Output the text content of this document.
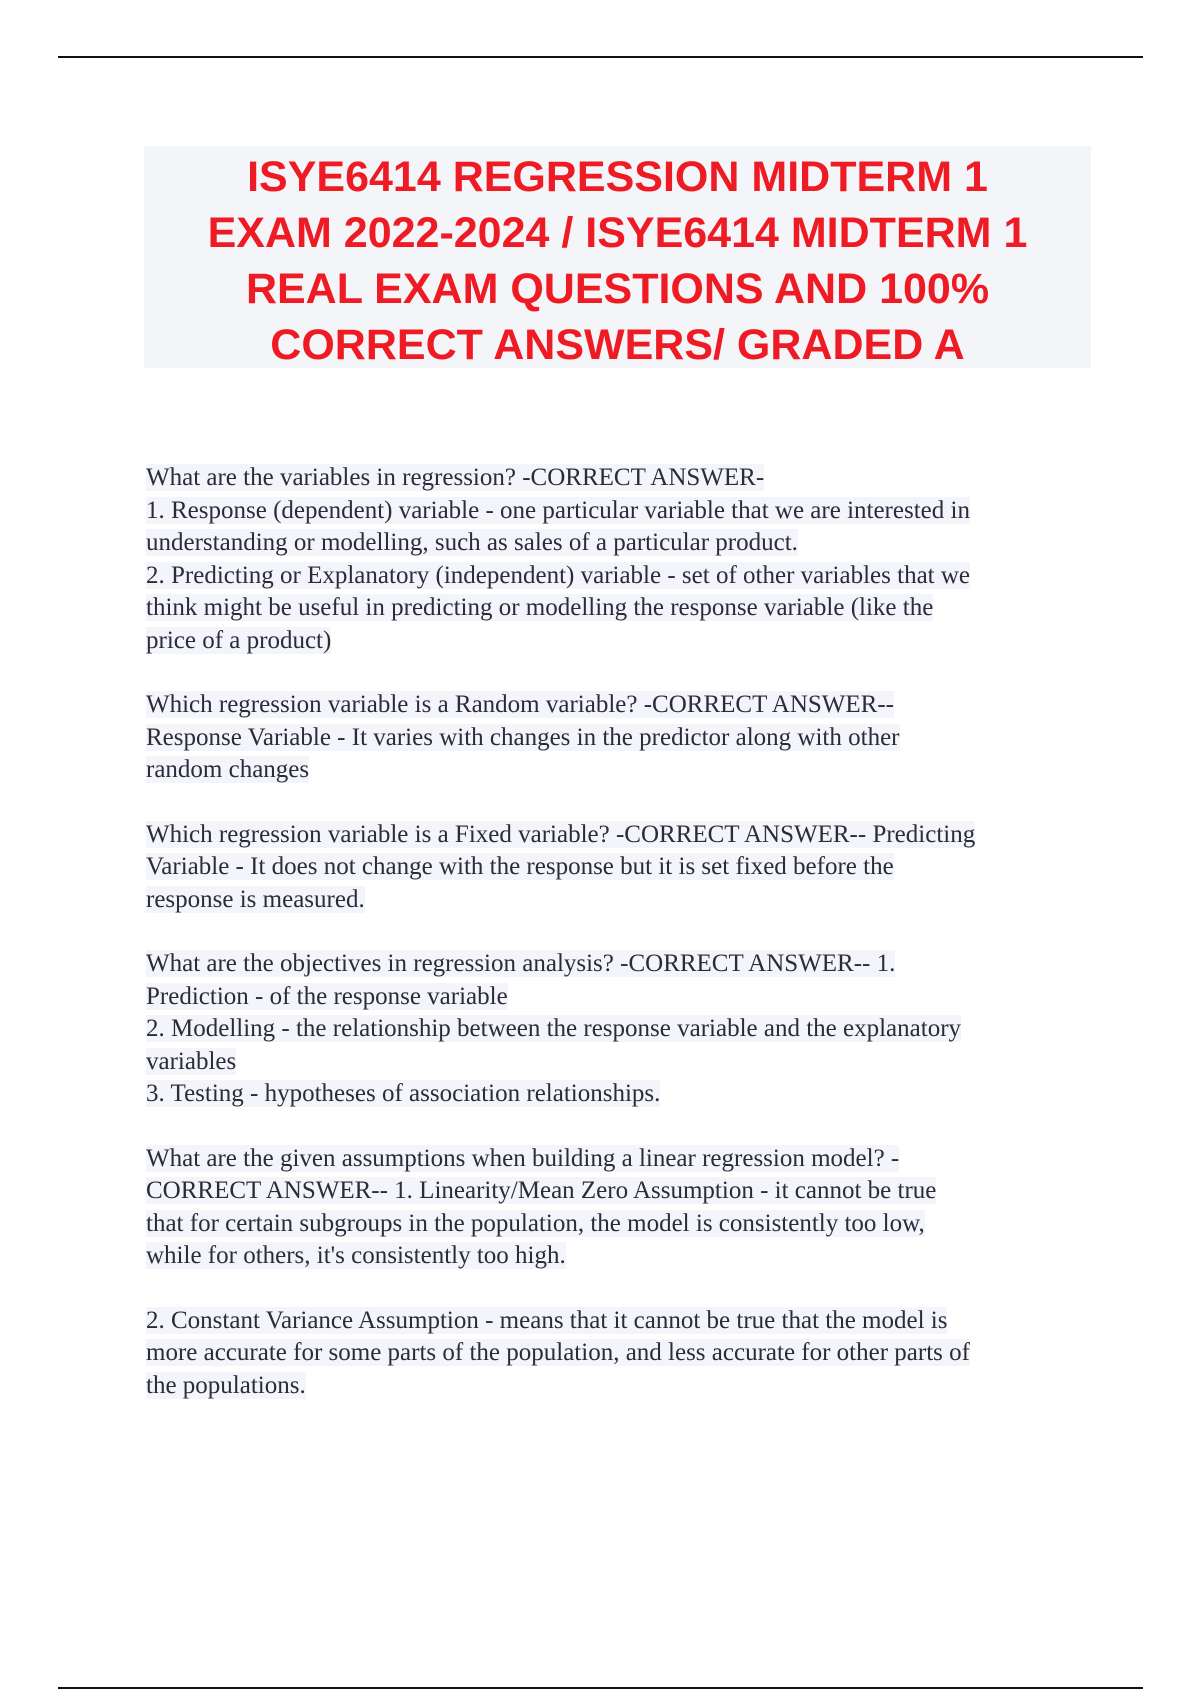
ISYE6414 REGRESSION MIDTERM 1
EXAM 2022-2024 / ISYE6414 MIDTERM 1
REAL EXAM QUESTIONS AND 100%
CORRECT ANSWERS/ GRADED A
What are the variables in regression? -CORRECT ANSWER-
1. Response (dependent) variable - one particular variable that we are interested in
understanding or modelling, such as sales of a particular product.
2. Predicting or Explanatory (independent) variable - set of other variables that we
think might be useful in predicting or modelling the response variable (like the
price of a product)
Which regression variable is a Random variable? -CORRECT ANSWER--
Response Variable - It varies with changes in the predictor along with other
random changes
Which regression variable is a Fixed variable? -CORRECT ANSWER-- Predicting
Variable - It does not change with the response but it is set fixed before the
response is measured.
What are the objectives in regression analysis? -CORRECT ANSWER-- 1.
Prediction - of the response variable
2. Modelling - the relationship between the response variable and the explanatory
variables
3. Testing - hypotheses of association relationships.
What are the given assumptions when building a linear regression model? -
CORRECT ANSWER-- 1. Linearity/Mean Zero Assumption - it cannot be true
that for certain subgroups in the population, the model is consistently too low,
while for others, it's consistently too high.
2. Constant Variance Assumption - means that it cannot be true that the model is
more accurate for some parts of the population, and less accurate for other parts of
the populations.
